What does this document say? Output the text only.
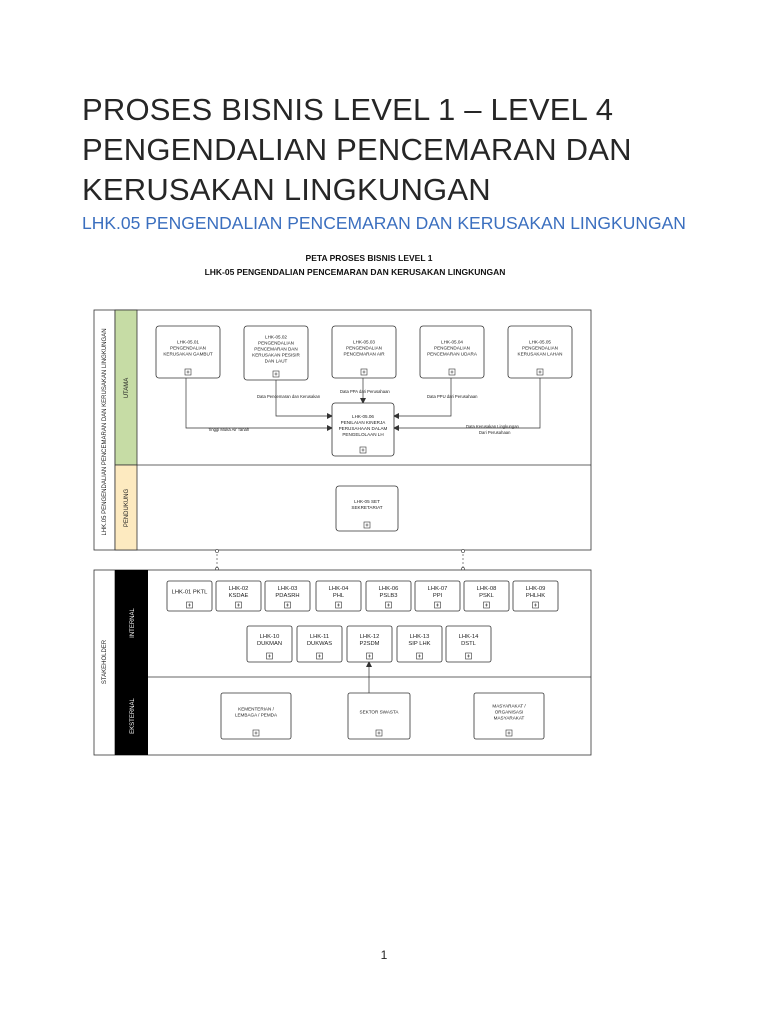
PROSES BISNIS LEVEL 1 – LEVEL 4
PENGENDALIAN PENCEMARAN DAN
KERUSAKAN LINGKUNGAN
LHK.05 PENGENDALIAN PENCEMARAN DAN KERUSAKAN LINGKUNGAN
PETA PROSES BISNIS LEVEL 1
LHK-05 PENGENDALIAN PENCEMARAN DAN KERUSAKAN LINGKUNGAN
LHK.05 PENGENDALIAN PENCEMARAN DAN KERUSAKAN LINGKUNGAN	UTAMA
PENDUKUNG
Tinggi Muka Air Tanah
Data Pencemaran dan Kerusakan
Data PPA dari Perusahaan
Data PPU dari Perusahaan
Data Kerusakan Lingkungan
Dari Perusahaan
LHK-05.01
PENGENDALIAN
KERUSAKAN GAMBUT
LHK-05.02
PENGENDALIAN
PENCEMARAN DAN
KERUSAKAN PESISIR
DAN LAUT
LHK-05.03
PENGENDALIAN
PENCEMARAN AIR
LHK-05.04
PENGENDALIAN
PENCEMARAN UDARA
LHK-05.05
PENGENDALIAN
KERUSAKAN LAHAN
LHK-05.06
PENILAIAN KINERJA
PERUSAHAAN DALAM
PENGELOLAAN LH
LHK-05 SET
SEKRETARIAT
STAKEHOLDER
INTERNAL
EKSTERNAL
LHK-01 PKTL
LHK-02
KSDAE
LHK-03
PDASRH
LHK-04
PHL
LHK-06
PSLB3
LHK-07
PPI
LHK-08
PSKL
LHK-09
PHLHK
LHK-10
DUKMAN
LHK-11
DUKWAS
LHK-12
P2SDM
LHK-13
SIP LHK
LHK-14
DSTL
KEMENTERIAN /
LEMBAGA / PEMDA
SEKTOR SWASTA
MASYARAKAT /
ORGANISASI
MASYARAKAT
1
